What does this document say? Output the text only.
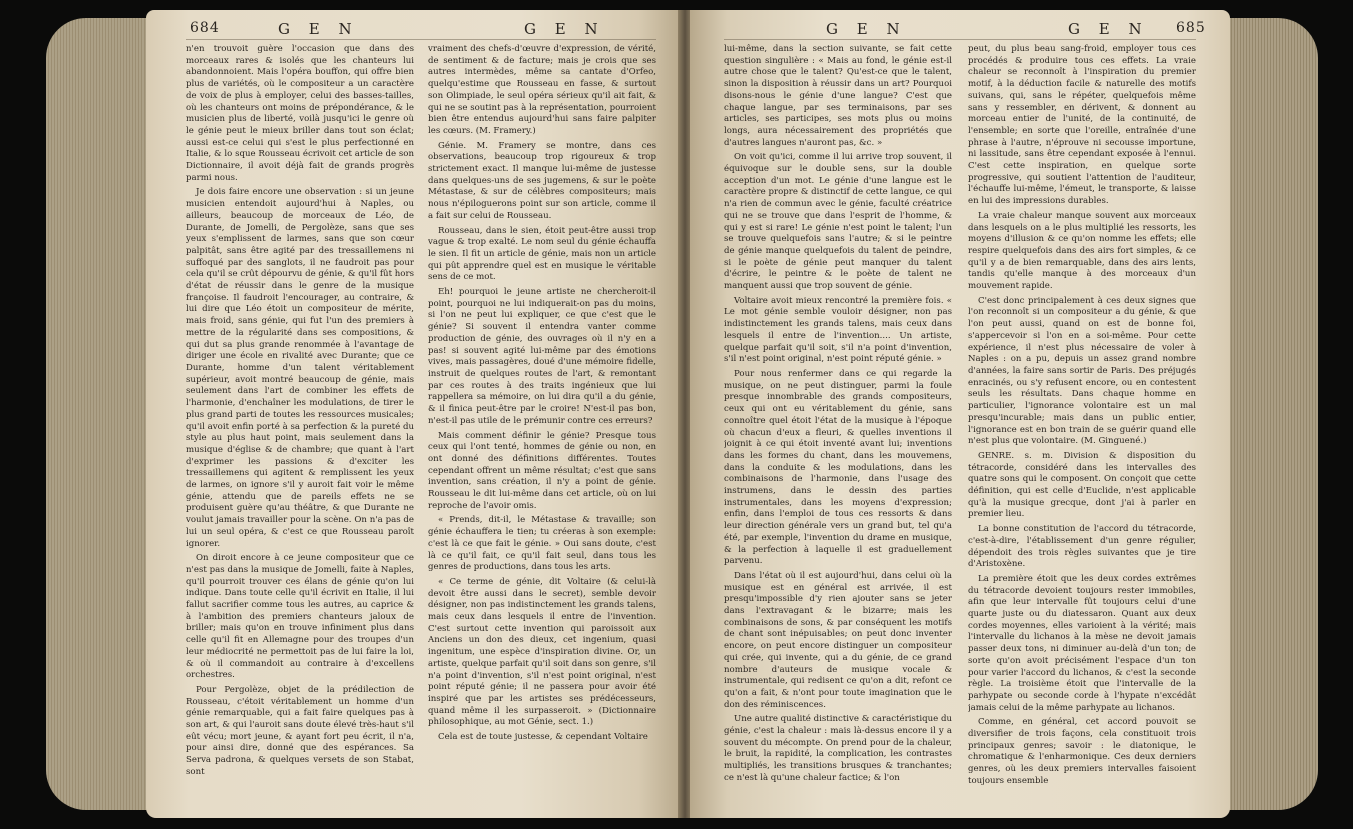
684	G E N	G E N

n'en trouvoit guère l'occasion que dans des morceaux rares & isolés que les chanteurs lui abandonnoient. Mais l'opéra bouffon, qui offre bien plus de variétés, où le compositeur a un caractère de voix de plus à employer, celui des basses-tailles, où les chanteurs ont moins de prépondérance, & le musicien plus de liberté, voilà jusqu'ici le genre où le génie peut le mieux briller dans tout son éclat; aussi est-ce celui qui s'est le plus perfectionné en Italie, & lo sque Rousseau écrivoit cet article de son Dictionnaire, il avoit déjà fait de grands progrès parmi nous.

Je dois faire encore une observation : si un jeune musicien entendoit aujourd'hui à Naples, ou ailleurs, beaucoup de morceaux de Léo, de Durante, de Jomelli, de Pergolèze, sans que ses yeux s'emplissent de larmes, sans que son cœur palpitât, sans être agité par des tressaillemens ni suffoqué par des sanglots, il ne faudroit pas pour cela qu'il se crût dépourvu de génie, & qu'il fût hors d'état de réussir dans le genre de la musique françoise. Il faudroit l'encourager, au contraire, & lui dire que Léo étoit un compositeur de mérite, mais froid, sans génie, qui fut l'un des premiers à mettre de la régularité dans ses compositions, & qui dut sa plus grande renommée à l'avantage de diriger une école en rivalité avec Durante; que ce Durante, homme d'un talent véritablement supérieur, avoit montré beaucoup de génie, mais seulement dans l'art de combiner les effets de l'harmonie, d'enchaîner les modulations, de tirer le plus grand parti de toutes les ressources musicales; qu'il avoit enfin porté à sa perfection & la pureté du style au plus haut point, mais seulement dans la musique d'église & de chambre; que quant à l'art d'exprimer les passions & d'exciter les tressaillemens qui agitent & remplissent les yeux de larmes, on ignore s'il y auroit fait voir le même génie, attendu que de pareils effets ne se produisent guère qu'au théâtre, & que Durante ne voulut jamais travailler pour la scène. On n'a pas de lui un seul opéra, & c'est ce que Rousseau paroît ignorer.

On diroit encore à ce jeune compositeur que ce n'est pas dans la musique de Jomelli, faite à Naples, qu'il pourroit trouver ces élans de génie qu'on lui indique. Dans toute celle qu'il écrivit en Italie, il lui fallut sacrifier comme tous les autres, au caprice & à l'ambition des premiers chanteurs jaloux de briller; mais qu'on en trouve infiniment plus dans celle qu'il fit en Allemagne pour des troupes d'un leur médiocrité ne permettoit pas de lui faire la loi, & où il commandoit au contraire à d'excellens orchestres.

Pour Pergolèze, objet de la prédilection de Rousseau, c'étoit véritablement un homme d'un génie remarquable, qui a fait faire quelques pas à son art, & qui l'auroit sans doute élevé très-haut s'il eût vécu; mort jeune, & ayant fort peu écrit, il n'a, pour ainsi dire, donné que des espérances. Sa Serva padrona, & quelques versets de son Stabat, sont

vraiment des chefs-d'œuvre d'expression, de vérité, de sentiment & de facture; mais je crois que ses autres intermèdes, même sa cantate d'Orfeo, quelqu'estime que Rousseau en fasse, & surtout son Olimpiade, le seul opéra sérieux qu'il ait fait, & qui ne se soutint pas à la représentation, pourroient bien être entendus aujourd'hui sans faire palpiter les cœurs. (M. Framery.)

Génie. M. Framery se montre, dans ces observations, beaucoup trop rigoureux & trop strictement exact. Il manque lui-même de justesse dans quelques-uns de ses jugemens, & sur le poète Métastase, & sur de célèbres compositeurs; mais nous n'épiloguerons point sur son article, comme il a fait sur celui de Rousseau.

Rousseau, dans le sien, étoit peut-être aussi trop vague & trop exalté. Le nom seul du génie échauffa le sien. Il fit un article de génie, mais non un article qui pût apprendre quel est en musique le véritable sens de ce mot.

Eh! pourquoi le jeune artiste ne chercheroit-il point, pourquoi ne lui indiquerait-on pas du moins, si l'on ne peut lui expliquer, ce que c'est que le génie? Si souvent il entendra vanter comme production de génie, des ouvrages où il n'y en a pas! si souvent agité lui-même par des émotions vives, mais passagères, doué d'une mémoire fidelle, instruit de quelques routes de l'art, & remontant par ces routes à des traits ingénieux que lui rappellera sa mémoire, on lui dira qu'il a du génie, & il finica peut-être par le croire! N'est-il pas bon, n'est-il pas utile de le prémunir contre ces erreurs?

Mais comment définir le génie? Presque tous ceux qui l'ont tenté, hommes de génie ou non, en ont donné des définitions différentes. Toutes cependant offrent un même résultat; c'est que sans invention, sans création, il n'y a point de génie. Rousseau le dit lui-même dans cet article, où on lui reproche de l'avoir omis.

« Prends, dit-il, le Métastase & travaille; son génie échauffera le tien; tu créeras à son exemple: c'est là ce que fait le génie. » Oui sans doute, c'est là ce qu'il fait, ce qu'il fait seul, dans tous les genres de productions, dans tous les arts.

« Ce terme de génie, dit Voltaire (& celui-là devoit être aussi dans le secret), semble devoir désigner, non pas indistinctement les grands talens, mais ceux dans lesquels il entre de l'invention. C'est surtout cette invention qui paroissoit aux Anciens un don des dieux, cet ingenium, quasi ingenitum, une espèce d'inspiration divine. Or, un artiste, quelque parfait qu'il soit dans son genre, s'il n'a point d'invention, s'il n'est point original, n'est point réputé génie; il ne passera pour avoir été inspiré que par les artistes ses prédécesseurs, quand même il les surpasseroit. » (Dictionnaire philosophique, au mot Génie, sect. 1.)

Cela est de toute justesse, & cependant Voltaire

G E N	G E N 685

lui-même, dans la section suivante, se fait cette question singulière : « Mais au fond, le génie est-il autre chose que le talent? Qu'est-ce que le talent, sinon la disposition à réussir dans un art? Pourquoi disons-nous le génie d'une langue? C'est que chaque langue, par ses terminaisons, par ses articles, ses participes, ses mots plus ou moins longs, aura nécessairement des propriétés que d'autres langues n'auront pas, &c. »

On voit qu'ici, comme il lui arrive trop souvent, il équivoque sur le double sens, sur la double acception d'un mot. Le génie d'une langue est le caractère propre & distinctif de cette langue, ce qui n'a rien de commun avec le génie, faculté créatrice qui ne se trouve que dans l'esprit de l'homme, & qui y est si rare! Le génie n'est point le talent; l'un se trouve quelquefois sans l'autre; & si le peintre de génie manque quelquefois du talent de peindre, si le poète de génie peut manquer du talent d'écrire, le peintre & le poète de talent ne manquent aussi que trop souvent de génie.

Voltaire avoit mieux rencontré la première fois. « Le mot génie semble vouloir désigner, non pas indistinctement les grands talens, mais ceux dans lesquels il entre de l'invention.... Un artiste, quelque parfait qu'il soit, s'il n'a point d'invention, s'il n'est point original, n'est point réputé génie. »

Pour nous renfermer dans ce qui regarde la musique, on ne peut distinguer, parmi la foule presque innombrable des grands compositeurs, ceux qui ont eu véritablement du génie, sans connoître quel étoit l'état de la musique à l'époque où chacun d'eux a fleuri, & quelles inventions il joignit à ce qui étoit inventé avant lui; inventions dans les formes du chant, dans les mouvemens, dans la conduite & les modulations, dans les combinaisons de l'harmonie, dans l'usage des instrumens, dans le dessin des parties instrumentales, dans les moyens d'expression; enfin, dans l'emploi de tous ces ressorts & dans leur direction générale vers un grand but, tel qu'a été, par exemple, l'invention du drame en musique, & la perfection à laquelle il est graduellement parvenu.

Dans l'état où il est aujourd'hui, dans celui où la musique est en général est arrivée, il est presqu'impossible d'y rien ajouter sans se jeter dans l'extravagant & le bizarre; mais les combinaisons de sons, & par conséquent les motifs de chant sont inépuisables; on peut donc inventer encore, on peut encore distinguer un compositeur qui crée, qui invente, qui a du génie, de ce grand nombre d'auteurs de musique vocale & instrumentale, qui redisent ce qu'on a dit, refont ce qu'on a fait, & n'ont pour toute imagination que le don des réminiscences.

Une autre qualité distinctive & caractéristique du génie, c'est la chaleur : mais là-dessus encore il y a souvent du mécompte. On prend pour de la chaleur, le bruit, la rapidité, la complication, les contrastes multipliés, les transitions brusques & tranchantes; ce n'est là qu'une chaleur factice; & l'on

peut, du plus beau sang-froid, employer tous ces procédés & produire tous ces effets. La vraie chaleur se reconnoît à l'inspiration du premier motif, à la déduction facile & naturelle des motifs suivans, qui, sans le répéter, quelquefois même sans y ressembler, en dérivent, & donnent au morceau entier de l'unité, de la continuité, de l'ensemble; en sorte que l'oreille, entraînée d'une phrase à l'autre, n'éprouve ni secousse importune, ni lassitude, sans être cependant exposée à l'ennui. C'est cette inspiration, en quelque sorte progressive, qui soutient l'attention de l'auditeur, l'échauffe lui-même, l'émeut, le transporte, & laisse en lui des impressions durables.

La vraie chaleur manque souvent aux morceaux dans lesquels on a le plus multiplié les ressorts, les moyens d'illusion & ce qu'on nomme les effets; elle respire quelquefois dans des airs fort simples, & ce qu'il y a de bien remarquable, dans des airs lents, tandis qu'elle manque à des morceaux d'un mouvement rapide.

C'est donc principalement à ces deux signes que l'on reconnoît si un compositeur a du génie, & que l'on peut aussi, quand on est de bonne foi, s'appercevoir si l'on en a soi-même. Pour cette expérience, il n'est plus nécessaire de voler à Naples : on a pu, depuis un assez grand nombre d'années, la faire sans sortir de Paris. Des préjugés enracinés, ou s'y refusent encore, ou en contestent seuls les résultats. Dans chaque homme en particulier, l'ignorance volontaire est un mal presqu'incurable; mais dans un public entier, l'ignorance est en bon train de se guérir quand elle n'est plus que volontaire. (M. Ginguené.)

GENRE. s. m. Division & disposition du tétracorde, considéré dans les intervalles des quatre sons qui le composent. On conçoit que cette définition, qui est celle d'Euclide, n'est applicable qu'à la musique grecque, dont j'ai à parler en premier lieu.

La bonne constitution de l'accord du tétracorde, c'est-à-dire, l'établissement d'un genre régulier, dépendoit des trois règles suivantes que je tire d'Aristoxène.

La première étoit que les deux cordes extrêmes du tétracorde devoient toujours rester immobiles, afin que leur intervalle fût toujours celui d'une quarte juste ou du diatessaron. Quant aux deux cordes moyennes, elles varioient à la vérité; mais l'intervalle du lichanos à la mèse ne devoit jamais passer deux tons, ni diminuer au-delà d'un ton; de sorte qu'on avoit précisément l'espace d'un ton pour varier l'accord du lichanos, & c'est la seconde règle. La troisième étoit que l'intervalle de la parhypate ou seconde corde à l'hypate n'excédât jamais celui de la même parhypate au lichanos.

Comme, en général, cet accord pouvoit se diversifier de trois façons, cela constituoit trois principaux genres; savoir : le diatonique, le chromatique & l'enharmonique. Ces deux derniers genres, où les deux premiers intervalles faisoient toujours ensemble
